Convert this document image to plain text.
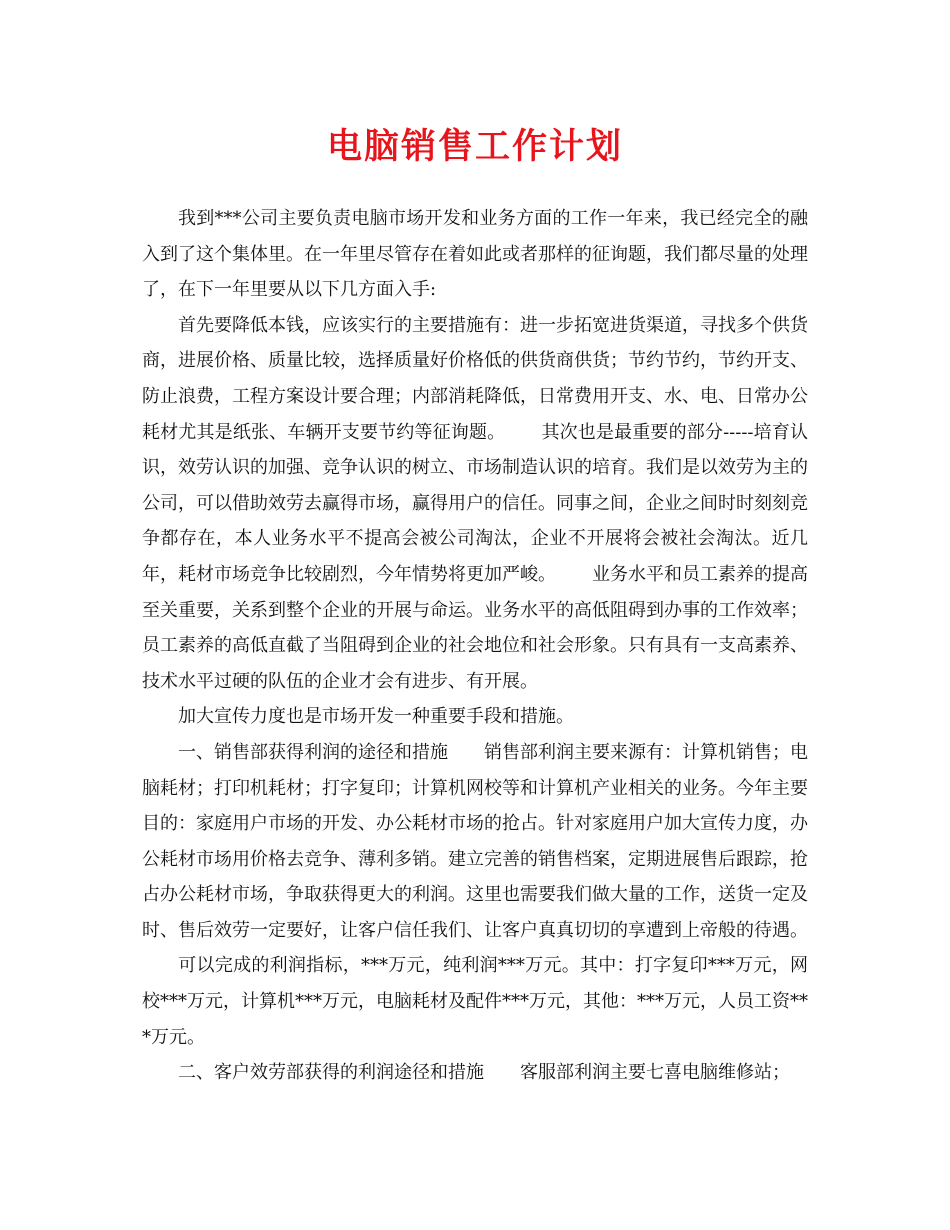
电脑销售工作计划

我到***公司主要负责电脑市场开发和业务方面的工作一年来，我已经完全的融入到了这个集体里。在一年里尽管存在着如此或者那样的征询题，我们都尽量的处理了，在下一年里要从以下几方面入手:

首先要降低本钱，应该实行的主要措施有：进一步拓宽进货渠道，寻找多个供货商，进展价格、质量比较，选择质量好价格低的供货商供货；节约节约，节约开支、防止浪费，工程方案设计要合理；内部消耗降低，日常费用开支、水、电、日常办公耗材尤其是纸张、车辆开支要节约等征询题。 其次也是最重要的部分-----培育认识，效劳认识的加强、竞争认识的树立、市场制造认识的培育。我们是以效劳为主的公司，可以借助效劳去赢得市场，赢得用户的信任。同事之间，企业之间时时刻刻竞争都存在，本人业务水平不提高会被公司淘汰，企业不开展将会被社会淘汰。近几年，耗材市场竞争比较剧烈，今年情势将更加严峻。 业务水平和员工素养的提高至关重要，关系到整个企业的开展与命运。业务水平的高低阻碍到办事的工作效率；员工素养的高低直截了当阻碍到企业的社会地位和社会形象。只有具有一支高素养、技术水平过硬的队伍的企业才会有进步、有开展。

加大宣传力度也是市场开发一种重要手段和措施。

一、销售部获得利润的途径和措施 销售部利润主要来源有：计算机销售；电脑耗材；打印机耗材；打字复印；计算机网校等和计算机产业相关的业务。今年主要目的：家庭用户市场的开发、办公耗材市场的抢占。针对家庭用户加大宣传力度，办公耗材市场用价格去竞争、薄利多销。建立完善的销售档案，定期进展售后跟踪，抢占办公耗材市场，争取获得更大的利润。这里也需要我们做大量的工作，送货一定及时、售后效劳一定要好，让客户信任我们、让客户真真切切的享遭到上帝般的待遇。可以完成的利润指标，***万元，纯利润***万元。其中：打字复印***万元，网校***万元，计算机***万元，电脑耗材及配件***万元，其他：***万元，人员工资***万元。

二、客户效劳部获得的利润途径和措施 客服部利润主要七喜电脑维修站；
